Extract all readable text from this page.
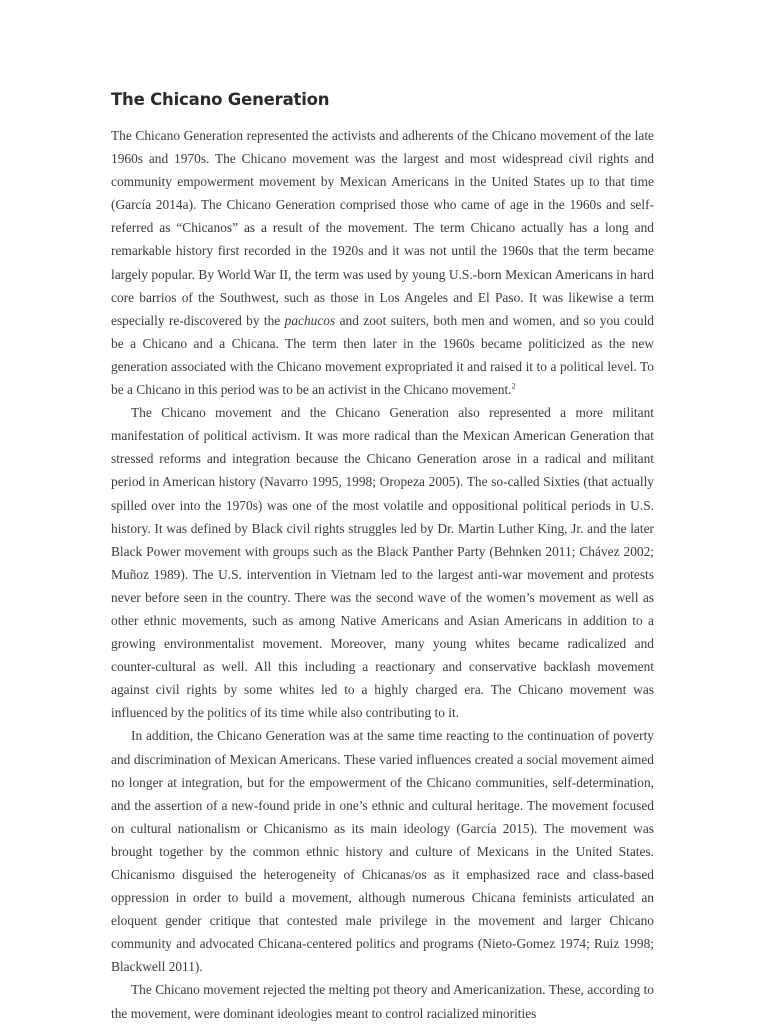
The Chicano Generation

The Chicano Generation represented the activists and adherents of the Chicano movement of the late 1960s and 1970s. The Chicano movement was the largest and most widespread civil rights and community empowerment movement by Mexican Americans in the United States up to that time (García 2014a). The Chicano Generation comprised those who came of age in the 1960s and self-referred as “Chicanos” as a result of the movement. The term Chicano actually has a long and remarkable history first recorded in the 1920s and it was not until the 1960s that the term became largely popular. By World War II, the term was used by young U.S.-born Mexican Americans in hard core barrios of the Southwest, such as those in Los Angeles and El Paso. It was likewise a term especially re-discovered by the pachucos and zoot suiters, both men and women, and so you could be a Chicano and a Chicana. The term then later in the 1960s became politicized as the new generation associated with the Chicano movement expropriated it and raised it to a political level. To be a Chicano in this period was to be an activist in the Chicano movement.$^2$

The Chicano movement and the Chicano Generation also represented a more militant manifestation of political activism. It was more radical than the Mexican American Generation that stressed reforms and integration because the Chicano Generation arose in a radical and militant period in American history (Navarro 1995, 1998; Oropeza 2005). The so-called Sixties (that actually spilled over into the 1970s) was one of the most volatile and oppositional political periods in U.S. history. It was defined by Black civil rights struggles led by Dr. Martin Luther King, Jr. and the later Black Power movement with groups such as the Black Panther Party (Behnken 2011; Chávez 2002; Muñoz 1989). The U.S. intervention in Vietnam led to the largest anti-war movement and protests never before seen in the country. There was the second wave of the women’s movement as well as other ethnic movements, such as among Native Americans and Asian Americans in addition to a growing environmentalist movement. Moreover, many young whites became radicalized and counter-cultural as well. All this including a reactionary and conservative backlash movement against civil rights by some whites led to a highly charged era. The Chicano movement was influenced by the politics of its time while also contributing to it.

In addition, the Chicano Generation was at the same time reacting to the continuation of poverty and discrimination of Mexican Americans. These varied influences created a social movement aimed no longer at integration, but for the empowerment of the Chicano communities, self-determination, and the assertion of a new-found pride in one’s ethnic and cultural heritage. The movement focused on cultural nationalism or Chicanismo as its main ideology (García 2015). The movement was brought together by the common ethnic history and culture of Mexicans in the United States. Chicanismo disguised the heterogeneity of Chicanas/os as it emphasized race and class-based oppression in order to build a movement, although numerous Chicana feminists articulated an eloquent gender critique that contested male privilege in the movement and larger Chicano community and advocated Chicana-centered politics and programs (Nieto-Gomez 1974; Ruiz 1998; Blackwell 2011).

The Chicano movement rejected the melting pot theory and Americanization. These, according to the movement, were dominant ideologies meant to control racialized minorities
